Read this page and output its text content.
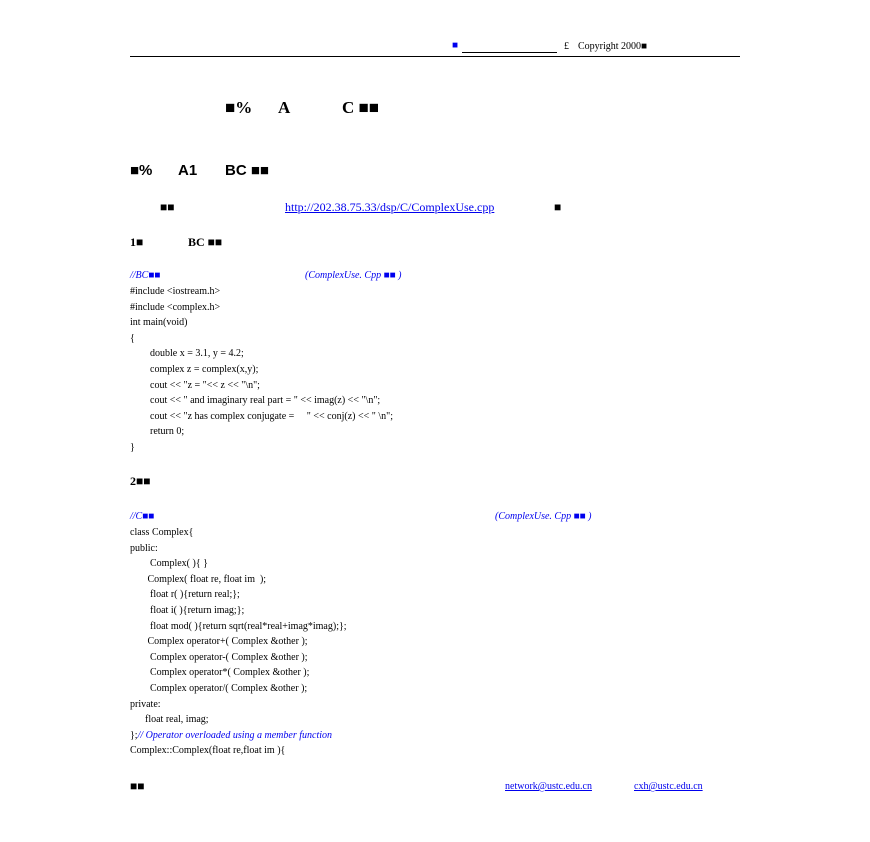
■	£ Copyright 2000■
■% A	C ■■
■% A1 BC ■■
■■	http://202.38.75.33/dsp/C/ComplexUse.cpp	■
1■	BC ■■
//BC■■	(ComplexUse. Cpp ■■ )
#include <iostream.h>
#include <complex.h>
int main(void)
{
double x = 3.1, y = 4.2;
complex z = complex(x,y);
cout << "z = "<< z << "\n";
cout << " and imaginary real part = " << imag(z) << "\n";
cout << "z has complex conjugate =     " << conj(z) << " \n";
return 0;
}
2■■
//C■■	(ComplexUse. Cpp ■■ )
class Complex{
public:
Complex( ){ }
Complex( float re, float im  );
float r( ){return real;};
float i( ){return imag;};
float mod( ){return sqrt(real*real+imag*imag);};
Complex operator+( Complex &other );
Complex operator-( Complex &other );
Complex operator*( Complex &other );
Complex operator/( Complex &other );
private:
float real, imag;
};// Operator overloaded using a member function
Complex::Complex(float re,float im ){
■■	network@ustc.edu.cn	cxh@ustc.edu.cn
